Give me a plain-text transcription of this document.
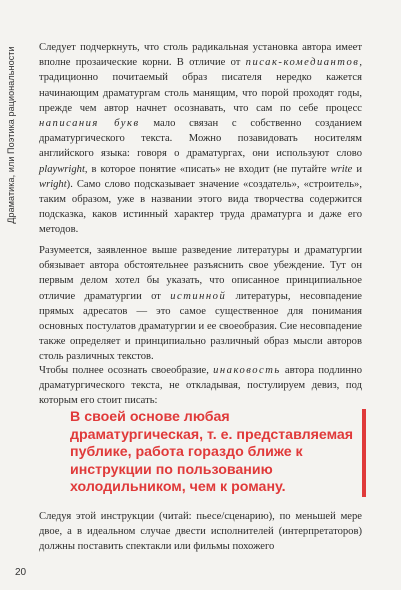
Драматика, или Поэтика рациональности Следует подчеркнуть, что столь радикальная установка автора имеет вполне прозаические корни. В отличие от писак-комедиантов, традиционно почитаемый образ писателя нередко кажется начинающим драматургам столь манящим, что порой проходят годы, прежде чем автор начнет осознавать, что сам по себе процесс написания букв мало связан с собственно созданием драматургического текста. Можно позавидовать носителям английского языка: говоря о драматургах, они используют слово playwright, в которое понятие «писать» не входит (не путайте write и wright). Само слово подсказывает значение «создатель», «строитель», таким образом, уже в названии этого вида творчества содержится подсказка, каков истинный характер труда драматурга и даже его методов.

Разумеется, заявленное выше разведение литературы и драматургии обязывает автора обстоятельнее разъяснить свое убеждение. Тут он первым делом хотел бы указать, что описанное принципиальное отличие драматургии от истинной литературы, несовпадение прямых адресатов — это самое существенное для понимания основных постулатов драматургии и ее своеобразия. Сие несовпадение также определяет и принципиально различный образ мысли авторов столь различных текстов.

Чтобы полнее осознать своеобразие, инаковость автора подлинно драматургического текста, не откладывая, постулируем девиз, под которым его стоит писать:

В своей основе любая драматургическая, т. е. представляемая публике, работа гораздо ближе к инструкции по пользованию холодильником, чем к роману.

Следуя этой инструкции (читай: пьесе/сценарию), по меньшей мере двое, а в идеальном случае двести исполнителей (интерпретаторов) должны поставить спектакли или фильмы похожего

20
